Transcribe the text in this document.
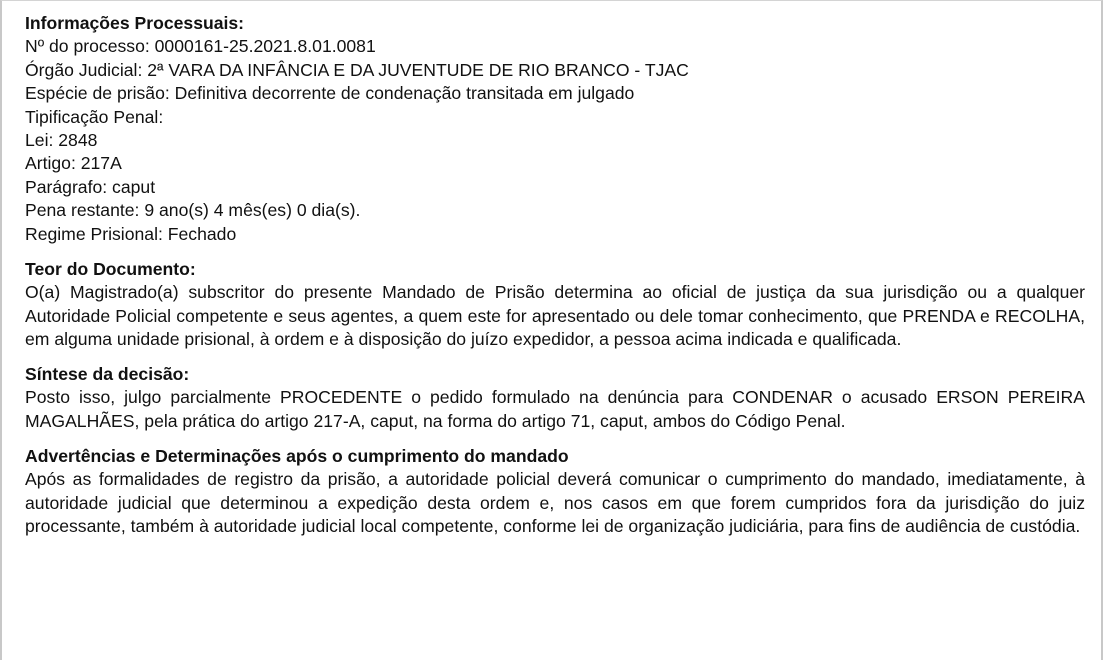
Informações Processuais:

Nº do processo: 0000161-25.2021.8.01.0081

Órgão Judicial: 2ª VARA DA INFÂNCIA E DA JUVENTUDE DE RIO BRANCO - TJAC

Espécie de prisão: Definitiva decorrente de condenação transitada em julgado

Tipificação Penal:

Lei: 2848

Artigo: 217A

Parágrafo: caput

Pena restante: 9 ano(s) 4 mês(es) 0 dia(s).

Regime Prisional: Fechado

Teor do Documento:

O(a) Magistrado(a) subscritor do presente Mandado de Prisão determina ao oficial de justiça da sua jurisdição ou a qualquer Autoridade Policial competente e seus agentes, a quem este for apresentado ou dele tomar conhecimento, que PRENDA e RECOLHA, em alguma unidade prisional, à ordem e à disposição do juízo expedidor, a pessoa acima indicada e qualificada.

Síntese da decisão:

Posto isso, julgo parcialmente PROCEDENTE o pedido formulado na denúncia para CONDENAR o acusado ERSON PEREIRA MAGALHÃES, pela prática do artigo 217-A, caput, na forma do artigo 71, caput, ambos do Código Penal.

Advertências e Determinações após o cumprimento do mandado

Após as formalidades de registro da prisão, a autoridade policial deverá comunicar o cumprimento do mandado, imediatamente, à autoridade judicial que determinou a expedição desta ordem e, nos casos em que forem cumpridos fora da jurisdição do juiz processante, também à autoridade judicial local competente, conforme lei de organização judiciária, para fins de audiência de custódia.
